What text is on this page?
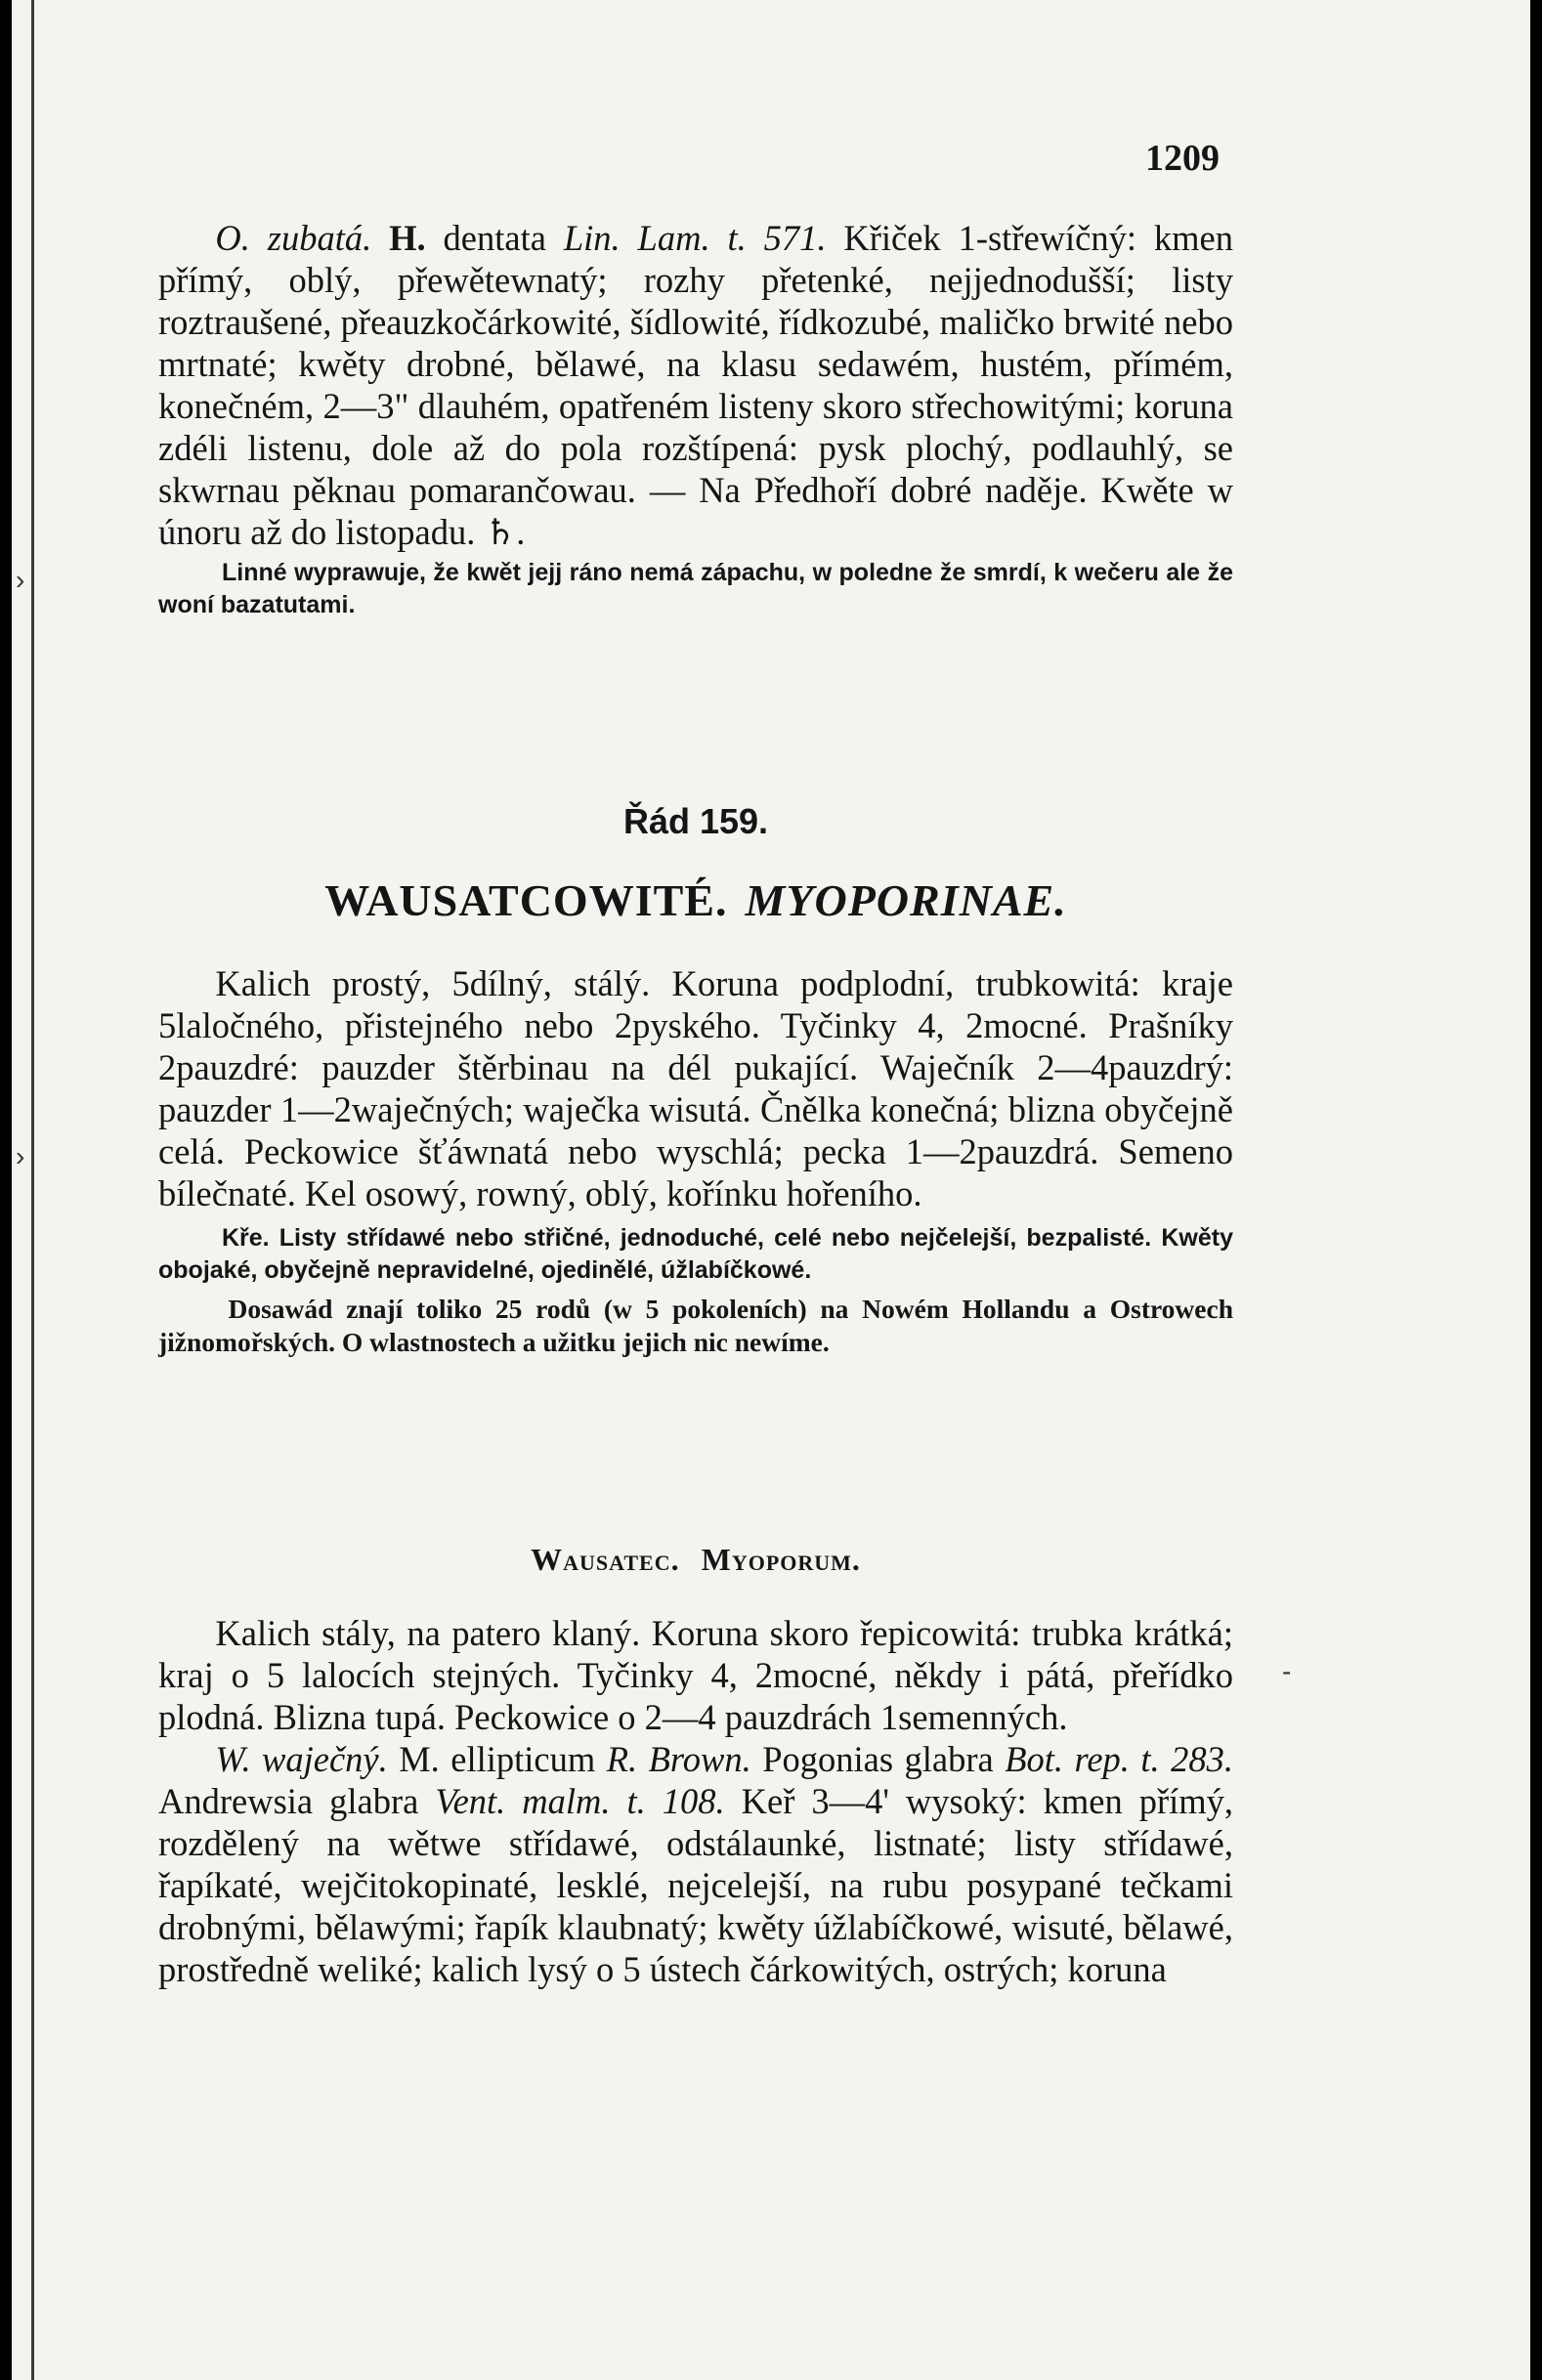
1209

O. zubatá. H. dentata Lin. Lam. t. 571. Křiček 1-střewíčný: kmen přímý, oblý, přewětewnatý; rozhy přetenké, nejjednodušší; listy roztraušené, přeauzkočárkowité, šídlowité, řídkozubé, maličko brwité nebo mrtnaté; kwěty drobné, bělawé, na klasu sedawém, hustém, přímém, konečném, 2—3" dlauhém, opatřeném listeny skoro střechowitými; koruna zdéli listenu, dole až do pola rozštípená: pysk plochý, podlauhlý, se skwrnau pěknau pomarančowau. — Na Předhoří dobré naděje. Kwěte w únoru až do listopadu. ♄.

Linné wyprawuje, že kwět jejj ráno nemá zápachu, w poledne že smrdí, k wečeru ale že woní bazatutami.

Řád 159.
WAUSATCOWITÉ. MYOPORINAE.

Kalich prostý, 5dílný, stálý. Koruna podplodní, trubkowitá: kraje 5laločného, přistejného nebo 2pyského. Tyčinky 4, 2mocné. Prašníky 2pauzdré: pauzder štěrbinau na dél pukající. Waječník 2—4pauzdrý: pauzder 1—2waječných; waječka wisutá. Čnělka konečná; blizna obyčejně celá. Peckowice šťáwnatá nebo wyschlá; pecka 1—2pauzdrá. Semeno bílečnaté. Kel osowý, rowný, oblý, kořínku hořeního.

Kře. Listy střídawé nebo střičné, jednoduché, celé nebo nejčelejší, bezpalisté. Kwěty obojaké, obyčejně nepravidelné, ojedinělé, úžlabíčkowé.

Dosawád znají toliko 25 rodů (w 5 pokoleních) na Nowém Hollandu a Ostrowech jižnomořských. O wlastnostech a užitku jejich nic newíme.

Wausatec. Myoporum.

Kalich stály, na patero klaný. Koruna skoro řepicowitá: trubka krátká; kraj o 5 lalocích stejných. Tyčinky 4, 2mocné, někdy i pátá, přeřídko plodná. Blizna tupá. Peckowice o 2—4 pauzdrách 1semenných.

W. waječný. M. ellipticum R. Brown. Pogonias glabra Bot. rep. t. 283. Andrewsia glabra Vent. malm. t. 108. Keř 3—4' wysoký: kmen přímý, rozdělený na wětwe střídawé, odstálaunké, listnaté; listy střídawé, řapíkaté, wejčitokopinaté, lesklé, nejcelejší, na rubu posypané tečkami drobnými, bělawými; řapík klaubnatý; kwěty úžlabíčkowé, wisuté, bělawé, prostředně weliké; kalich lysý o 5 ústech čárkowitých, ostrých; koruna

›
›
-
